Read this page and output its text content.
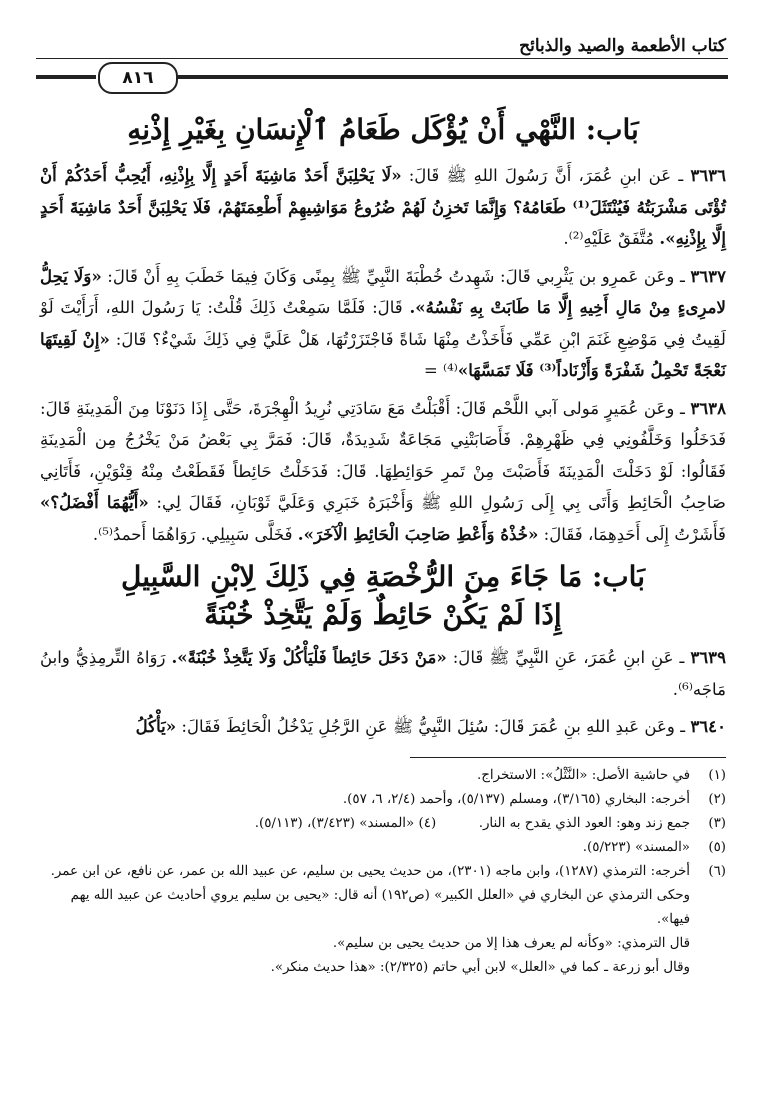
كتاب الأطعمة والصيد والذبائح
٨١٦
بَاب: النَّهْي أَنْ يُؤْكَل طَعَامُ ٱلْإِنسَانِ بِغَيْرِ إِذْنِهِ

٣٦٣٦ ـ عَن ابنِ عُمَرَ، أَنَّ رَسُولَ اللهِ ﷺ قَالَ: «لَا يَحْلِبَنَّ أَحَدٌ مَاشِيَةَ أَحَدٍ إِلَّا بِإِذْنِهِ، أَيُحِبُّ أَحَدُكُمْ أَنْ تُؤْتَى مَشْرَبَتُهُ فَيُنْتَثَلَ⁽¹⁾ طَعَامُهُ؟ وَإِنَّمَا تَخزِنُ لَهُمْ ضُرُوعُ مَوَاشِيهِمْ أَطْعِمَتَهُمْ، فَلَا يَحْلِبَنَّ أَحَدٌ مَاشِيَةَ أَحَدٍ إِلَّا بِإِذْنِهِ». مُتَّفَقٌ عَلَيْهِ⁽²⁾.

٣٦٣٧ ـ وعَن عَمرِو بن يَثْرِبي قَالَ: شَهِدتُ خُطْبَةَ النَّبِيِّ ﷺ بِمِنًى وَكَانَ فِيمَا خَطَبَ بِهِ أَنْ قَالَ: «وَلَا يَحِلُّ لامرِىءٍ مِنْ مَالِ أَخِيهِ إِلَّا مَا طَابَتْ بِهِ نَفْسُهُ». قَالَ: فَلَمَّا سَمِعْتُ ذَلِكَ قُلْتُ: يَا رَسُولَ اللهِ، أَرَأَيْتَ لَوْ لَقِيتُ فِي مَوْضِعِ غَنَمَ ابْنِ عَمِّي فَأَخَذْتُ مِنْهَا شَاةً فَاجْتَزَرْتُهَا، هَلْ عَلَيَّ فِي ذَلِكَ شَيْءٌ؟ قَالَ: «إِنْ لَقِيتَهَا نَعْجَةً تَحْمِلُ شَفْرَةً وَأَزْنَاداً⁽³⁾ فَلَا تَمَسَّهَا»⁽⁴⁾ =

٣٦٣٨ ـ وعَن عُمَيرٍ مَولى آبي اللَّحْم قَالَ: أَقْبَلْتُ مَعَ سَادَتِي نُرِيدُ الْهِجْرَةَ، حَتَّى إِذَا دَنَوْنَا مِنَ الْمَدِينَةِ قَالَ: فَدَخَلُوا وَخَلَّفُونِي فِي ظَهْرِهِمْ. فَأَصَابَتْنِي مَجَاعَةٌ شَدِيدَةٌ، قَالَ: فَمَرَّ بِي بَعْضُ مَنْ يَخْرُجُ مِن الْمَدِينَةِ فَقَالُوا: لَوْ دَخَلْتَ الْمَدِينَةَ فَأَصَبْتَ مِنْ تَمرِ حَوَائِطِهَا. قَالَ: فَدَخَلْتُ حَائِطاً فَقَطَعْتُ مِنْهُ قِنْوَيْنِ، فَأَتَانِي صَاحِبُ الْحَائِطِ وَأَتَى بِي إِلَى رَسُولِ اللهِ ﷺ وَأَخْبَرَهُ خَبَرِي وَعَلَيَّ ثَوْبَانِ، فَقَالَ لِي: «أَيُّهُمَا أَفْضَلُ؟» فَأَشَرْتُ إِلَى أَحَدِهِمَا، فَقَالَ: «خُذْهُ وَأَعْطِ صَاحِبَ الْحَائِطِ الْآخَرَ». فَخَلَّى سَبِيلِي. رَوَاهُمَا أَحمدُ⁽⁵⁾.

بَاب: مَا جَاءَ مِنَ الرُّخْصَةِ فِي ذَلِكَ لِابْنِ السَّبِيلِ
إِذَا لَمْ يَكُنْ حَائِطٌ وَلَمْ يَتَّخِذْ خُبْنَةً

٣٦٣٩ ـ عَنِ ابنِ عُمَرَ، عَنِ النَّبِيِّ ﷺ قَالَ: «مَنْ دَخَلَ حَائِطاً فَلْيَأْكُلْ وَلَا يَتَّخِذْ خُبْنَةً». رَوَاهُ التِّرمِذِيُّ وابنُ مَاجَه⁽⁶⁾.

٣٦٤٠ ـ وعَن عَبدِ اللهِ بنِ عُمَرَ قَالَ: سُئِلَ النَّبِيُّ ﷺ عَنِ الرَّجُلِ يَدْخُلُ الْحَائِطَ فَقَالَ: «يَأْكُلُ

(١)
في حاشية الأصل: «النَّثْلُ»: الاستخراج.
(٢)
أخرجه: البخاري (٣/١٦٥)، ومسلم (٥/١٣٧)، وأحمد (٢/٤، ٦، ٥٧).
(٣)
جمع زند وهو: العود الذي يقدح به النار.  (٤) «المسند» (٣/٤٢٣)، (٥/١١٣).
(٥)
«المسند» (٥/٢٢٣).
(٦)

أخرجه: الترمذي (١٢٨٧)، وابن ماجه (٢٣٠١)، من حديث يحيى بن سليم، عن عبيد الله بن عمر، عن نافع، عن ابن عمر.

وحكى الترمذي عن البخاري في «العلل الكبير» (ص١٩٢) أنه قال: «يحيى بن سليم يروي أحاديث عن عبيد الله يهم فيها».

قال الترمذي: «وكأنه لم يعرف هذا إلا من حديث يحيى بن سليم».

وقال أبو زرعة ـ كما في «العلل» لابن أبي حاتم (٢/٣٢٥): «هذا حديث منكر».
